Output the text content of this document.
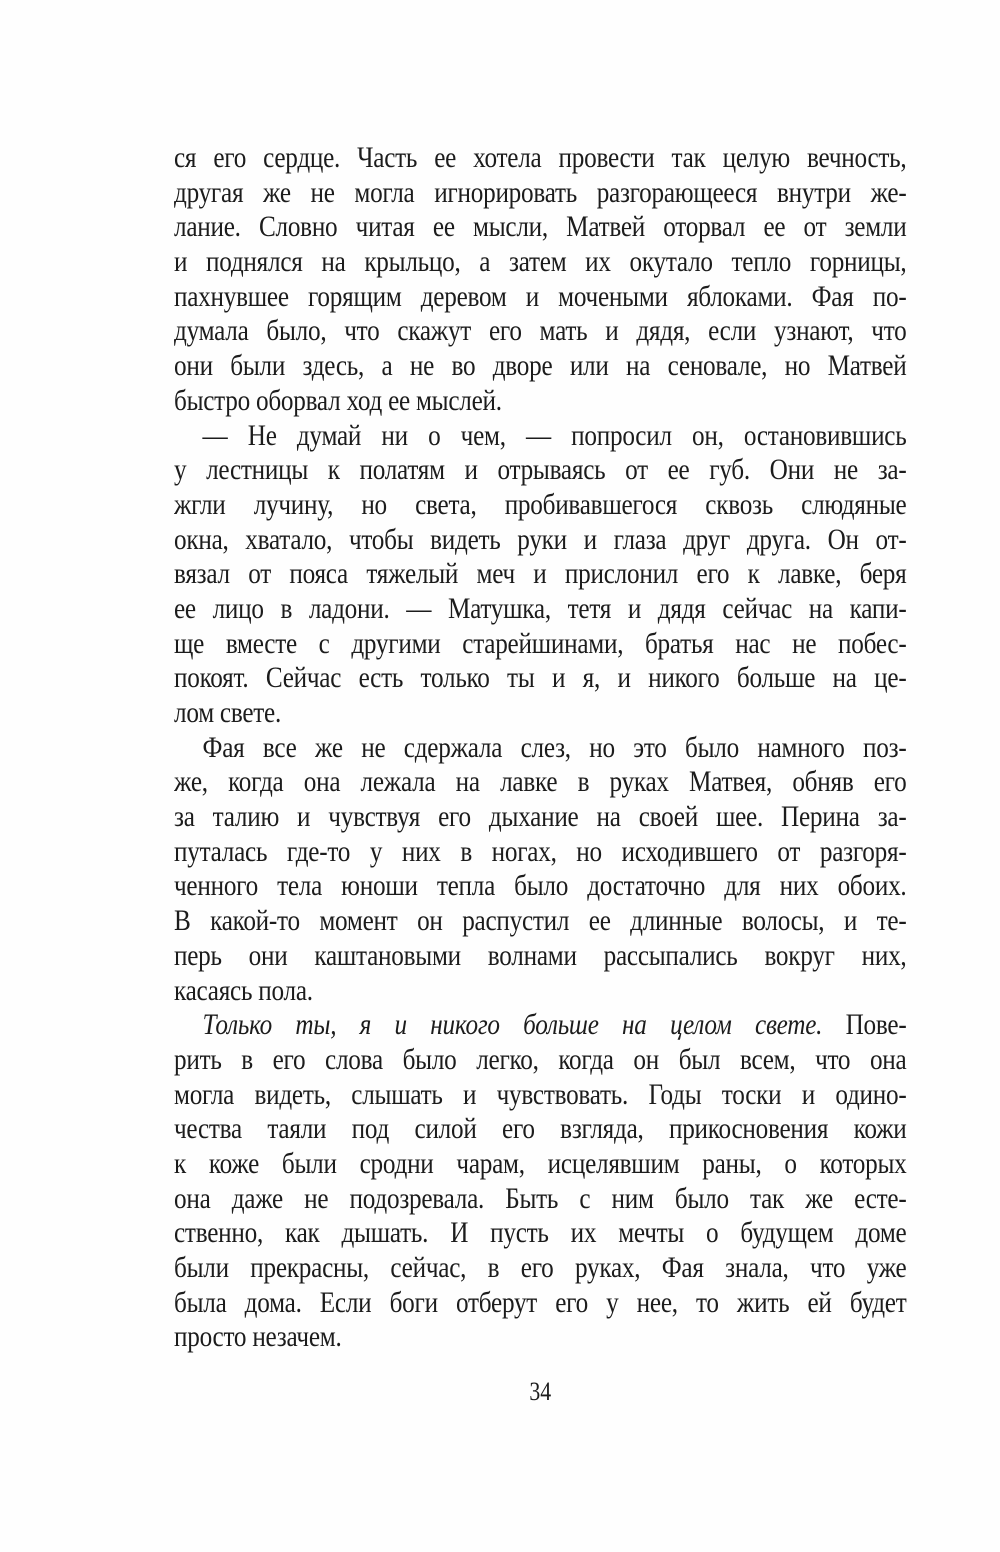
ся его сердце. Часть ее хотела провести так целую вечность,
другая же не могла игнорировать разгорающееся внутри же-
лание. Словно читая ее мысли, Матвей оторвал ее от земли
и поднялся на крыльцо, а затем их окутало тепло горницы,
пахнувшее горящим деревом и мочеными яблоками. Фая по-
думала было, что скажут его мать и дядя, если узнают, что
они были здесь, а не во дворе или на сеновале, но Матвей
быстро оборвал ход ее мыслей.
— Не думай ни о чем, — попросил он, остановившись
у лестницы к полатям и отрываясь от ее губ. Они не за-
жгли лучину, но света, пробивавшегося сквозь слюдяные
окна, хватало, чтобы видеть руки и глаза друг друга. Он от-
вязал от пояса тяжелый меч и прислонил его к лавке, беря
ее лицо в ладони. — Матушка, тетя и дядя сейчас на капи-
ще вместе с другими старейшинами, братья нас не побес-
покоят. Сейчас есть только ты и я, и никого больше на це-
лом свете.
Фая все же не сдержала слез, но это было намного поз-
же, когда она лежала на лавке в руках Матвея, обняв его
за талию и чувствуя его дыхание на своей шее. Перина за-
путалась где-то у них в ногах, но исходившего от разгоря-
ченного тела юноши тепла было достаточно для них обоих.
В какой-то момент он распустил ее длинные волосы, и те-
перь они каштановыми волнами рассыпались вокруг них,
касаясь пола.
Только ты, я и никого больше на целом свете. Пове-
рить в его слова было легко, когда он был всем, что она
могла видеть, слышать и чувствовать. Годы тоски и одино-
чества таяли под силой его взгляда, прикосновения кожи
к коже были сродни чарам, исцелявшим раны, о которых
она даже не подозревала. Быть с ним было так же есте-
ственно, как дышать. И пусть их мечты о будущем доме
были прекрасны, сейчас, в его руках, Фая знала, что уже
была дома. Если боги отберут его у нее, то жить ей будет
просто незачем.
34
